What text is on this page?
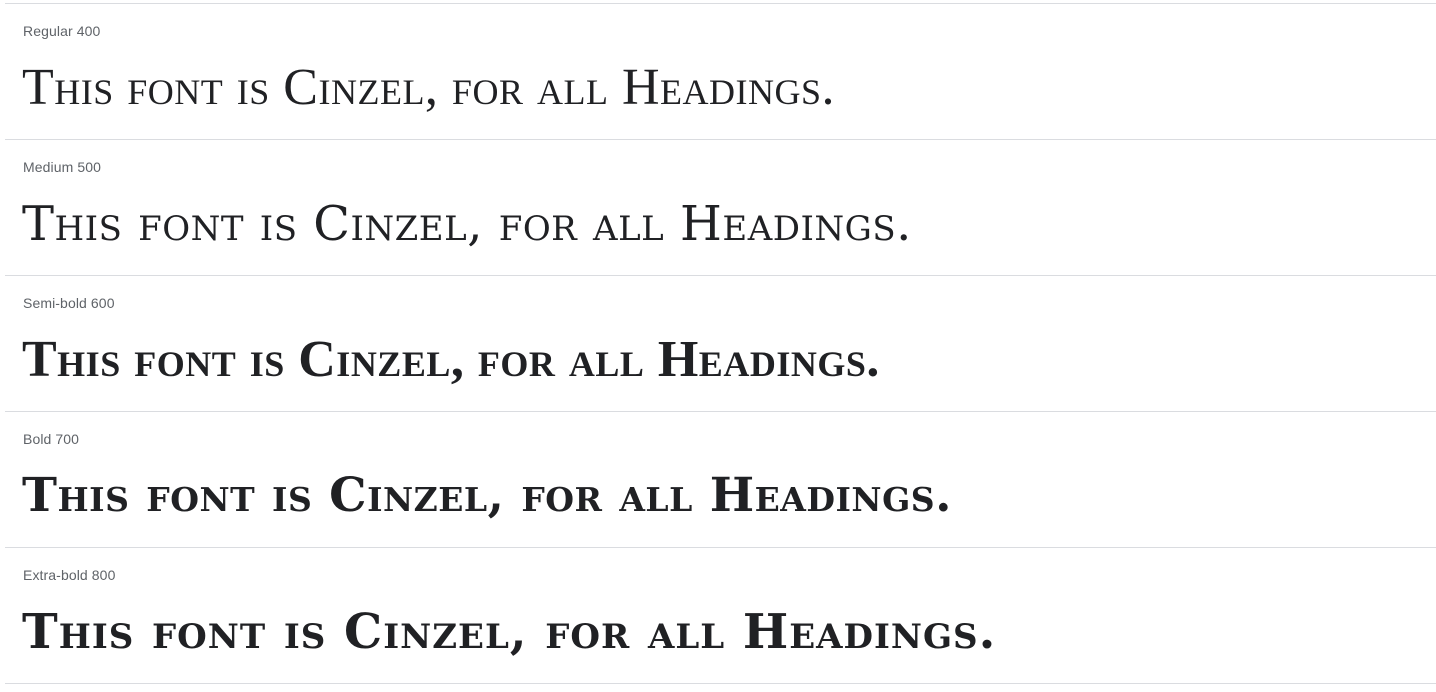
Regular 400
This font is Cinzel, for all Headings.
Medium 500
This font is Cinzel, for all Headings.
Semi-bold 600
This font is Cinzel, for all Headings.
Bold 700
This font is Cinzel, for all Headings.
Extra-bold 800
This font is Cinzel, for all Headings.
